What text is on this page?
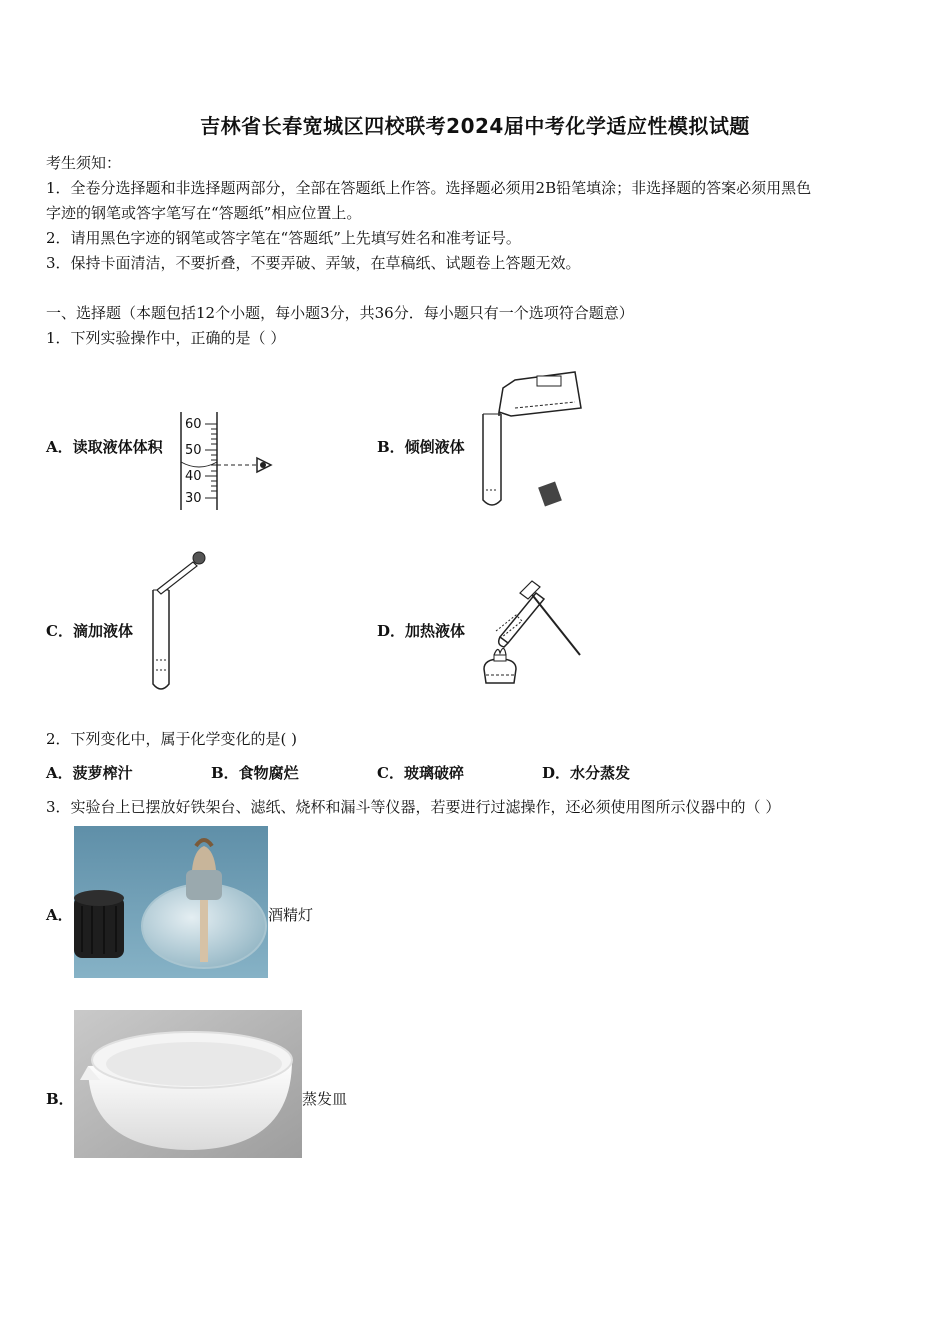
吉林省长春宽城区四校联考2024届中考化学适应性模拟试题
考生须知：
1．全卷分选择题和非选择题两部分，全部在答题纸上作答。选择题必须用2B铅笔填涂；非选择题的答案必须用黑色
字迹的钢笔或答字笔写在“答题纸”相应位置上。
2．请用黑色字迹的钢笔或答字笔在“答题纸”上先填写姓名和准考证号。
3．保持卡面清洁，不要折叠，不要弄破、弄皱，在草稿纸、试题卷上答题无效。
一、选择题（本题包括12个小题，每小题3分，共36分．每小题只有一个选项符合题意）
1．下列实验操作中，正确的是（ ）
A．读取液体体积
60
50
40
30
B．倾倒液体
C．滴加液体	D．加热液体
2．下列变化中，属于化学变化的是( )
A．菠萝榨汁	B．食物腐烂	C．玻璃破碎	D．水分蒸发
3．实验台上已摆放好铁架台、滤纸、烧杯和漏斗等仪器，若要进行过滤操作，还必须使用图所示仪器中的（ ）
A．	酒精灯
B．	蒸发皿
